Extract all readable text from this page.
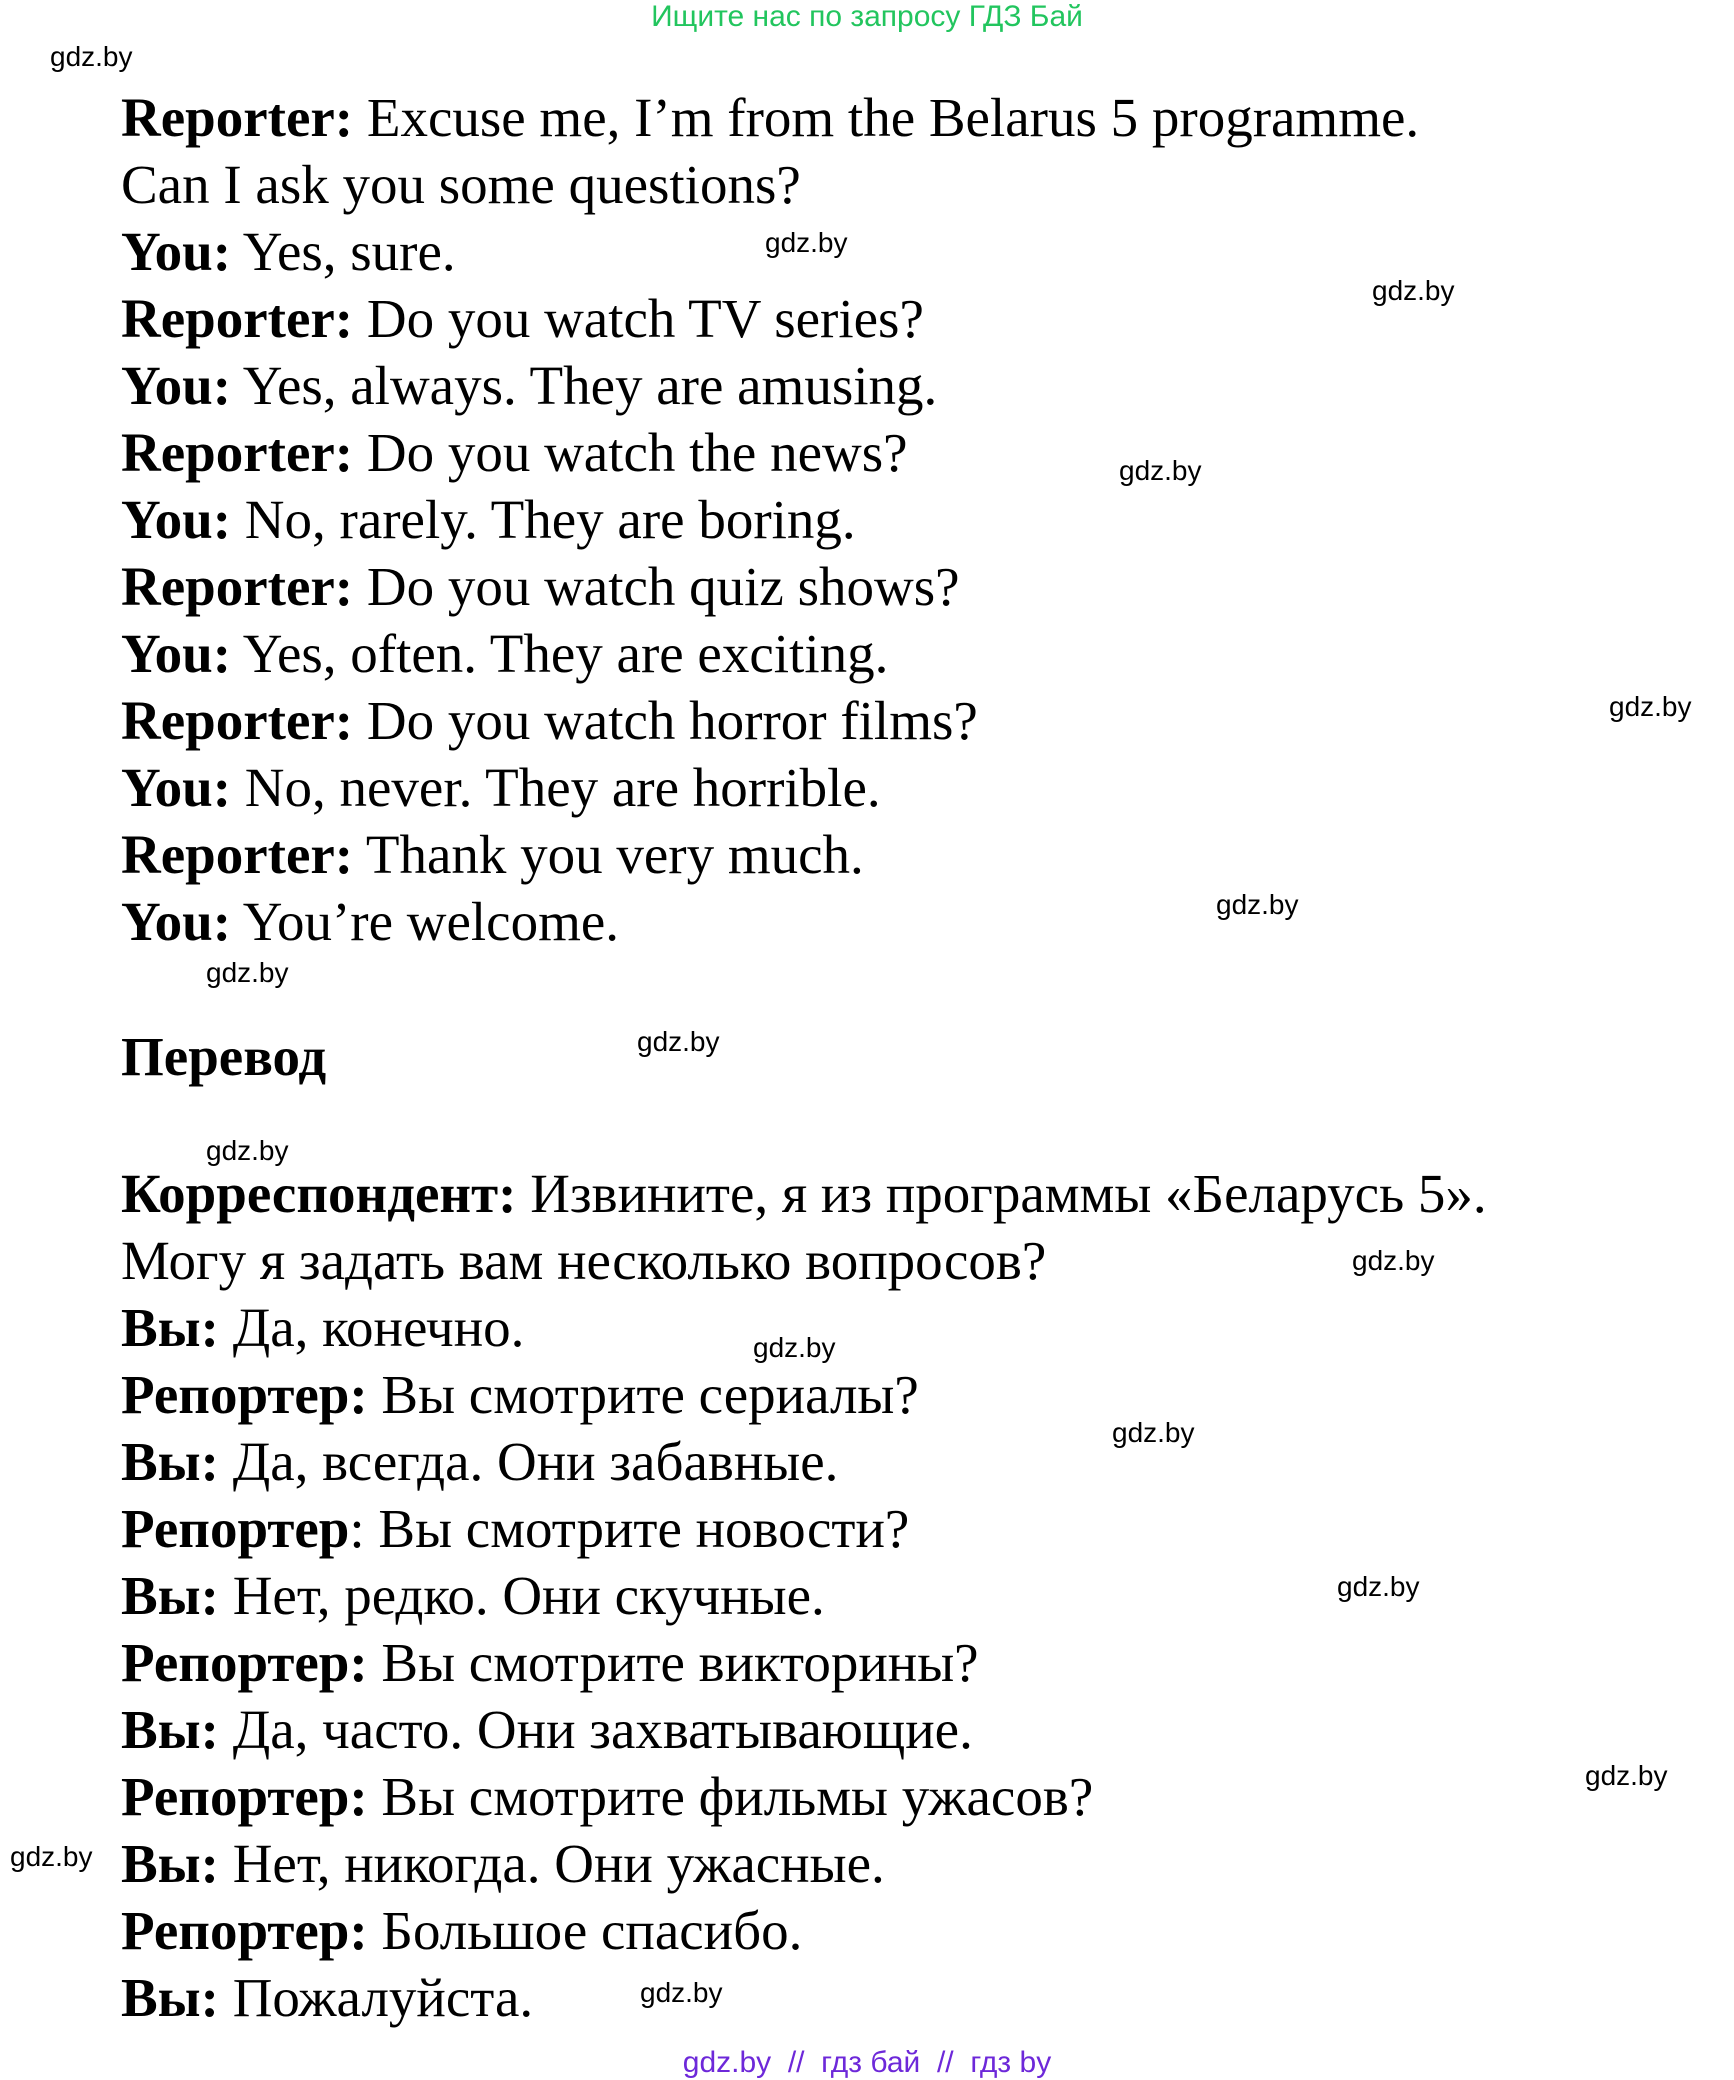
Ищите нас по запросу ГДЗ Бай
gdz.by  //  гдз бай  //  гдз by
gdz.by
gdz.by
gdz.by
gdz.by
gdz.by
gdz.by
gdz.by
gdz.by
gdz.by
gdz.by
gdz.by
gdz.by
gdz.by
gdz.by
gdz.by
gdz.by

Reporter: Excuse me, I’m from the Belarus 5 programme.

Can I ask you some questions?

You: Yes, sure.

Reporter: Do you watch TV series?

You: Yes, always. They are amusing.

Reporter: Do you watch the news?

You: No, rarely. They are boring.

Reporter: Do you watch quiz shows?

You: Yes, often. They are exciting.

Reporter: Do you watch horror films?

You: No, never. They are horrible.

Reporter: Thank you very much.

You: You’re welcome.

Перевод

Корреспондент: Извините, я из программы «Беларусь 5».

Могу я задать вам несколько вопросов?

Вы: Да, конечно.

Репортер: Вы смотрите сериалы?

Вы: Да, всегда. Они забавные.

Репортер: Вы смотрите новости?

Вы: Нет, редко. Они скучные.

Репортер: Вы смотрите викторины?

Вы: Да, часто. Они захватывающие.

Репортер: Вы смотрите фильмы ужасов?

Вы: Нет, никогда. Они ужасные.

Репортер: Большое спасибо.

Вы: Пожалуйста.
